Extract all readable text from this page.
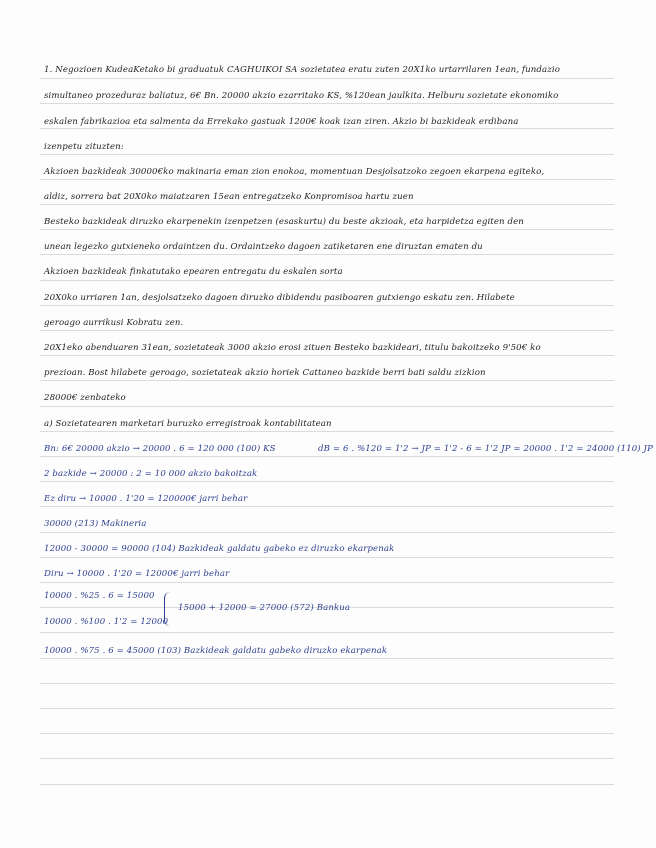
1. Negozioen KudeaKetako bi graduatuk CAGHUIKOI SA sozietatea eratu zuten 20X1ko urtarrilaren 1ean, fundazio
simultaneo prozeduraz baliatuz, 6€ Bn. 20000 akzio ezarritako KS, %120ean jaulkita. Helburu sozietate ekonomiko
eskalen fabrikazioa eta salmenta da Errekako gastuak 1200€ koak izan ziren. Akzio bi bazkideak erdibana
izenpetu zituzten:
Akzioen bazkideak 30000€ko makinaria eman zion enokoa, momentuan Desjolsatzoko zegoen ekarpena egiteko,
aldiz, sorrera bat 20X0ko maiatzaren 15ean entregatzeko Konpromisoa hartu zuen
Besteko bazkideak diruzko ekarpenekin izenpetzen (esaskurtu) du beste akzioak, eta harpidetza egiten den
unean legezko gutxieneko ordaintzen du. Ordaintzeko dagoen zatiketaren ene diruztan ematen du
Akzioen bazkideak finkatutako epearen entregatu du eskalen sorta
20X0ko urriaren 1an, desjolsatzeko dagoen diruzko dibidendu pasiboaren gutxiengo eskatu zen. Hilabete
geroago aurrikusi Kobratu zen.
20X1eko abenduaren 31ean, sozietateak 3000 akzio erosi zituen Besteko bazkideari, titulu bakoitzeko 9'50€ ko
prezioan. Bost hilabete geroago, sozietateak akzio horiek Cattaneo bazkide berri bati saldu zizkion
28000€ zenbateko
a) Sozietatearen marketari buruzko erregistroak kontabilitatean
Bn: 6€ 20000 akzio → 20000 . 6 = 120 000 (100) KS	dB = 6 . %120 = 1'2 → JP = 1'2 - 6 = 1'2 JP = 20000 . 1'2 = 24000 (110) JP
2 bazkide → 20000 : 2 = 10 000 akzio bakoitzak
Ez diru → 10000 . 1'20 = 120000€ jarri behar
30000 (213) Makineria
12000 - 30000 = 90000 (104) Bazkideak galdatu gabeko ez diruzko ekarpenak
Diru → 10000 . 1'20 = 12000€ jarri behar
10000 . %25 . 6 = 15000
10000 . %100 . 1'2 = 12000
15000 + 12000 = 27000 (572) Bankua
10000 . %75 . 6 = 45000 (103) Bazkideak galdatu gabeko diruzko ekarpenak
